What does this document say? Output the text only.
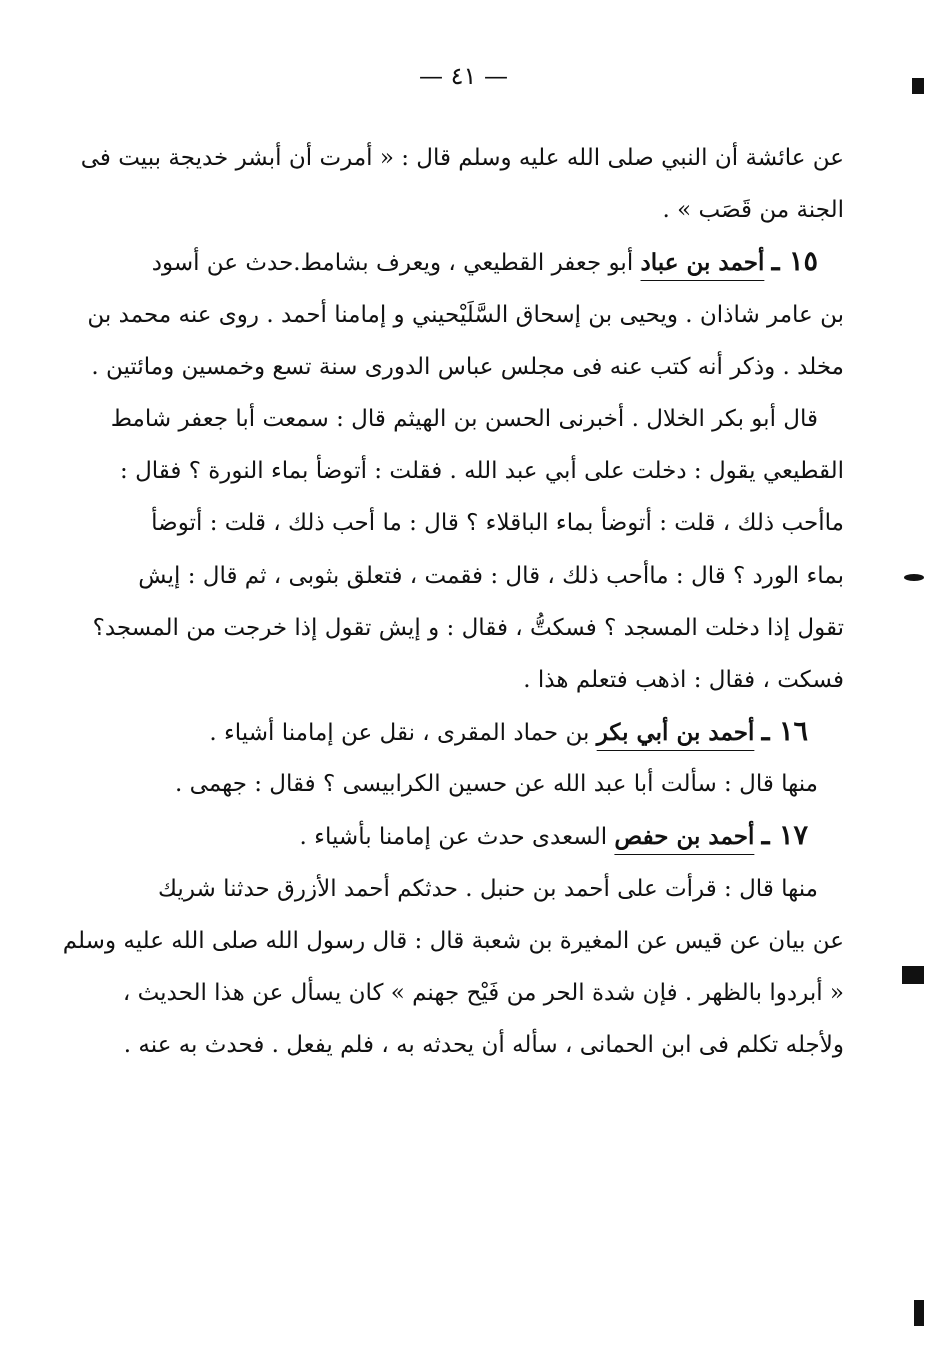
— ٤١ —
عن عائشة أن النبي صلى الله عليه وسلم قال : « أمرت أن أبشر خديجة ببيت فى
الجنة من قَصَب » .
١٥ ـ أحمد بن عباد أبو جعفر القطيعي ، ويعرف بشامط.حدث عن أسود
بن عامر شاذان . ويحيى بن إسحاق السَّلَيْحيني و إمامنا أحمد . روى عنه محمد بن
مخلد . وذكر أنه كتب عنه فى مجلس عباس الدورى سنة تسع وخمسين ومائتين .
قال أبو بكر الخلال . أخبرنى الحسن بن الهيثم قال : سمعت أبا جعفر شامط
القطيعي يقول : دخلت على أبي عبد الله . فقلت : أتوضأ بماء النورة ؟ فقال :
ماأحب ذلك ، قلت : أتوضأ بماء الباقلاء ؟ قال : ما أحب ذلك ، قلت : أتوضأ
بماء الورد ؟ قال : ماأحب ذلك ، قال : فقمت ، فتعلق بثوبى ، ثم قال : إيش
تقول إذا دخلت المسجد ؟ فسكتُّ ، فقال : و إيش تقول إذا خرجت من المسجد؟
فسكت ، فقال : اذهب فتعلم هذا .
١٦ ـ أحمد بن أبي بكر بن حماد المقرى ، نقل عن إمامنا أشياء .
منها قال : سألت أبا عبد الله عن حسين الكرابيسى ؟ فقال : جهمى .
١٧ ـ أحمد بن حفص السعدى حدث عن إمامنا بأشياء .
منها قال : قرأت على أحمد بن حنبل . حدثكم أحمد الأزرق حدثنا شريك
عن بيان عن قيس عن المغيرة بن شعبة قال : قال رسول الله صلى الله عليه وسلم
« أبردوا بالظهر . فإن شدة الحر من فَيْح جهنم » كان يسأل عن هذا الحديث ،
ولأجله تكلم فى ابن الحمانى ، سأله أن يحدثه به ، فلم يفعل . فحدث به عنه .
